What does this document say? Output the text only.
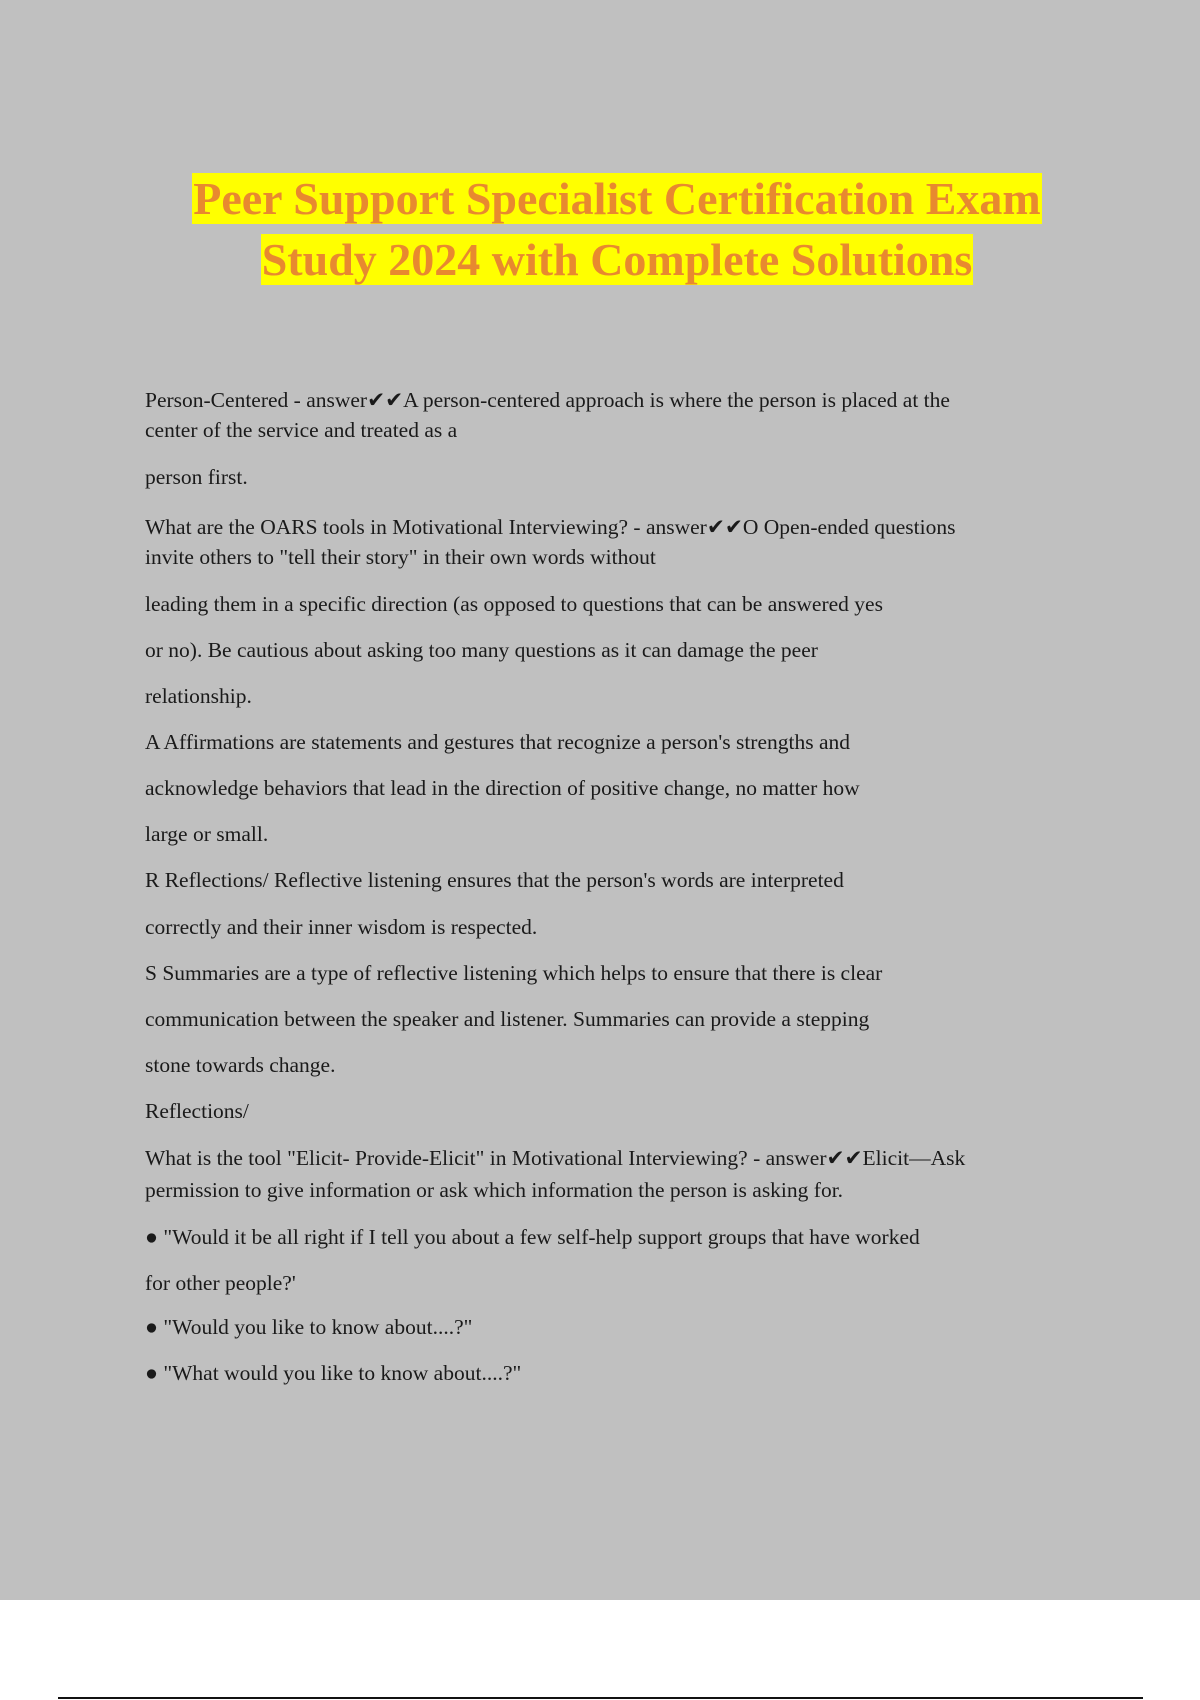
Peer Support Specialist Certification Exam
Study 2024 with Complete Solutions
Person-Centered - answer✔✔A person-centered approach is where the person is placed at the
center of the service and treated as a
person first.
What are the OARS tools in Motivational Interviewing? - answer✔✔O Open-ended questions
invite others to "tell their story" in their own words without
leading them in a specific direction (as opposed to questions that can be answered yes
or no). Be cautious about asking too many questions as it can damage the peer
relationship.
A Affirmations are statements and gestures that recognize a person's strengths and
acknowledge behaviors that lead in the direction of positive change, no matter how
large or small.
R Reflections/ Reflective listening ensures that the person's words are interpreted
correctly and their inner wisdom is respected.
S Summaries are a type of reflective listening which helps to ensure that there is clear
communication between the speaker and listener. Summaries can provide a stepping
stone towards change.
Reflections/
What is the tool "Elicit- Provide-Elicit" in Motivational Interviewing? - answer✔✔Elicit—Ask
permission to give information or ask which information the person is asking for.
● "Would it be all right if I tell you about a few self-help support groups that have worked
for other people?'
● "Would you like to know about....?"
● "What would you like to know about....?"
